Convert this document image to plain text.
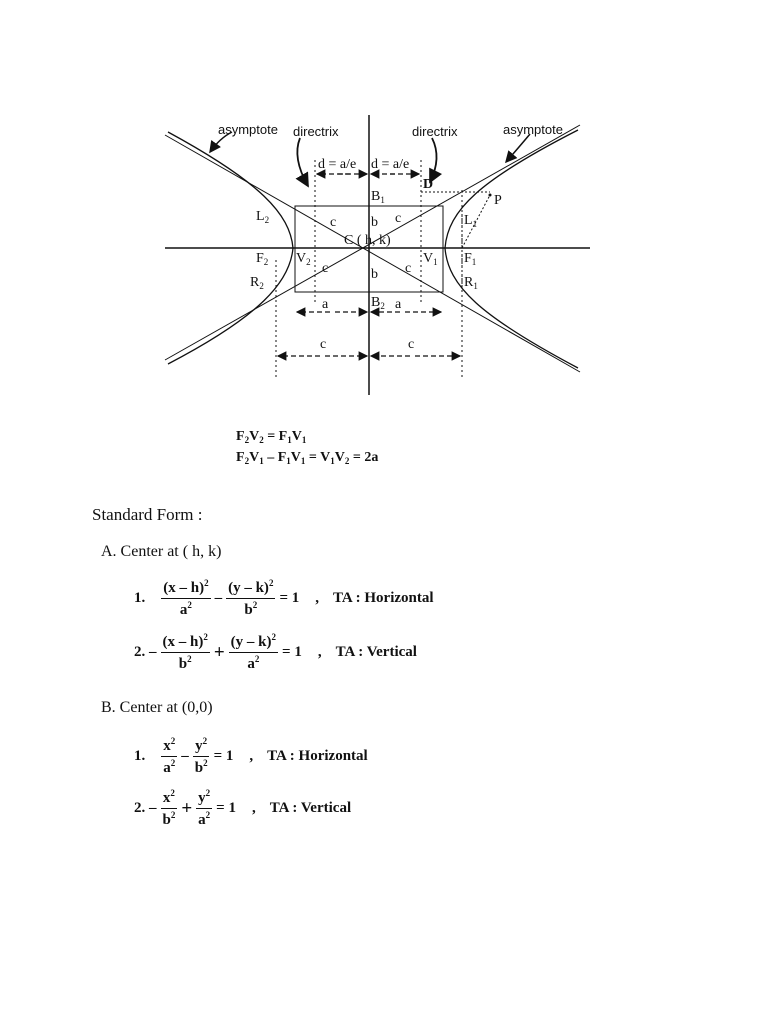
asymptote directrix	directrix	asymptote
d = a/e d = a/e
D
P
$B_1$
$B_2$
$L_2$	$L_1$
$F_2$ $V_2$	$V_1$ $F_1$
$R_2$	$R_1$
C ( h, k)
c	c
c	c
b
b
a	a
c	c
$F_2V_2 = F_1V_1$
$F_2V_1 - F_1V_1 = V_1V_2 = 2a$
Standard Form :
A. Center at ( h, k)
1. $\frac{(x - h)^2}{a^2} - \frac{(y - k)^2}{b^2} = 1$ , TA : Horizontal
2. – $\frac{(x - h)^2}{b^2} + \frac{(y - k)^2}{a^2} = 1$ , TA : Vertical
B. Center at (0,0)
1. $\frac{x^2}{a^2} - \frac{y^2}{b^2} = 1$ , TA : Horizontal
2. – $\frac{x^2}{b^2} + \frac{y^2}{a^2} = 1$ , TA : Vertical
